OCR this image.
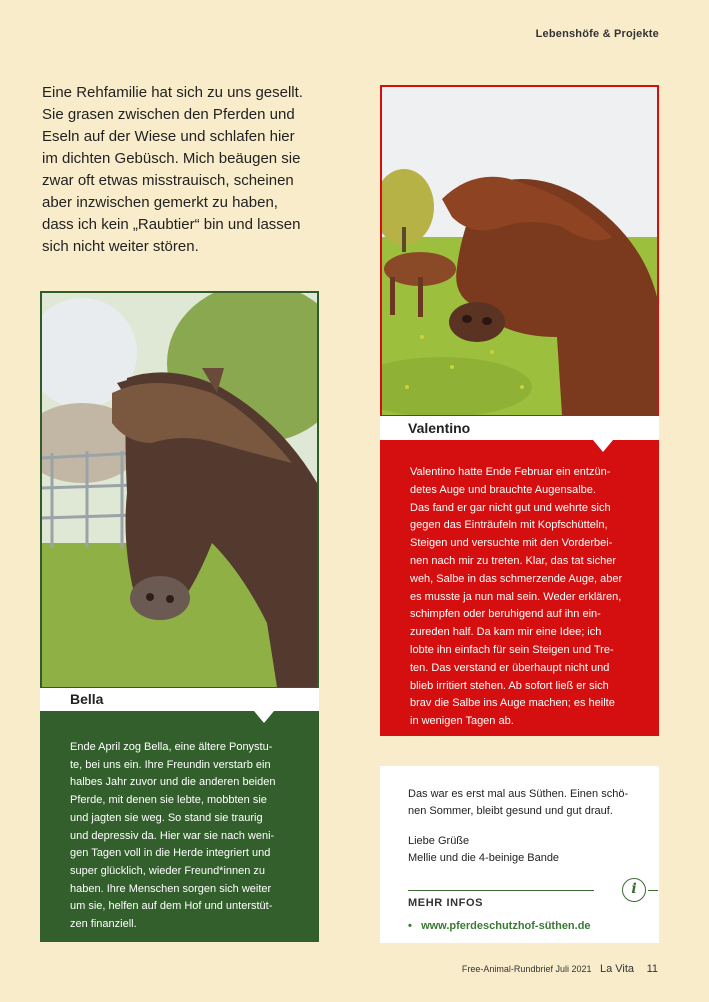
Lebenshöfe & Projekte

Eine Rehfamilie hat sich zu uns gesellt.

Sie grasen zwischen den Pferden und

Eseln auf der Wiese und schlafen hier

im dichten Gebüsch. Mich beäugen sie

zwar oft etwas misstrauisch, scheinen

aber inzwischen gemerkt zu haben,

dass ich kein „Raubtier“ bin und lassen

sich nicht weiter stören.

Valentino
Valentino hatte Ende Februar ein entzün-
detes Auge und brauchte Augensalbe.
Das fand er gar nicht gut und wehrte sich
gegen das Einträufeln mit Kopfschütteln,
Steigen und versuchte mit den Vorderbei-
nen nach mir zu treten. Klar, das tat sicher
weh, Salbe in das schmerzende Auge, aber
es musste ja nun mal sein. Weder erklären,
schimpfen oder beruhigend auf ihn ein-
zureden half. Da kam mir eine Idee; ich
lobte ihn einfach für sein Steigen und Tre-
ten. Das verstand er überhaupt nicht und
blieb irritiert stehen. Ab sofort ließ er sich
brav die Salbe ins Auge machen; es heilte
in wenigen Tagen ab.
Bella
Ende April zog Bella, eine ältere Ponystu-
te, bei uns ein. Ihre Freundin verstarb ein
halbes Jahr zuvor und die anderen beiden
Pferde, mit denen sie lebte, mobbten sie
und jagten sie weg. So stand sie traurig
und depressiv da. Hier war sie nach weni-
gen Tagen voll in die Herde integriert und
super glücklich, wieder Freund*innen zu
haben. Ihre Menschen sorgen sich weiter
um sie, helfen auf dem Hof und unterstüt-
zen finanziell.

Das war es erst mal aus Süthen. Einen schö-
nen Sommer, bleibt gesund und gut drauf.

Liebe Grüße
Mellie und die 4-beinige Bande

i
MEHR INFOS
• www.pferdeschutzhof-süthen.de
Free-Animal-Rundbrief Juli 2021 La Vita 11
